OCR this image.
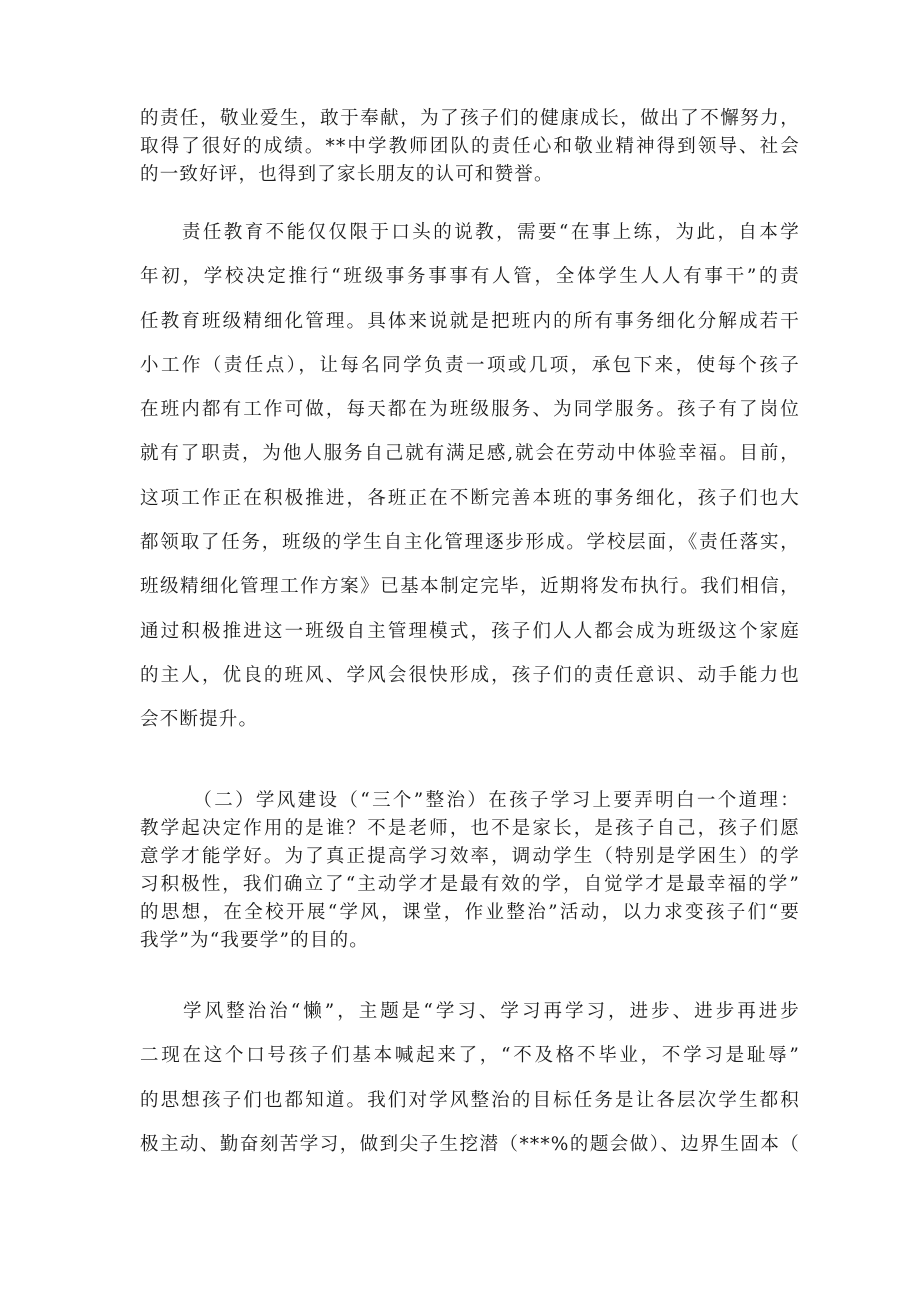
的责任，敬业爱生，敢于奉献，为了孩子们的健康成长，做出了不懈努力，
取得了很好的成绩。**中学教师团队的责任心和敬业精神得到领导、社会
的一致好评，也得到了家长朋友的认可和赞誉。
　　责任教育不能仅仅限于口头的说教，需要“在事上练，为此，自本学
年初，学校决定推行“班级事务事事有人管，全体学生人人有事干”的责
任教育班级精细化管理。具体来说就是把班内的所有事务细化分解成若干
小工作（责任点），让每名同学负责一项或几项，承包下来，使每个孩子
在班内都有工作可做，每天都在为班级服务、为同学服务。孩子有了岗位
就有了职责，为他人服务自己就有满足感,就会在劳动中体验幸福。目前，
这项工作正在积极推进，各班正在不断完善本班的事务细化，孩子们也大
都领取了任务，班级的学生自主化管理逐步形成。学校层面，《责任落实，
班级精细化管理工作方案》已基本制定完毕，近期将发布执行。我们相信，
通过积极推进这一班级自主管理模式，孩子们人人都会成为班级这个家庭
的主人，优良的班风、学风会很快形成，孩子们的责任意识、动手能力也
会不断提升。
　　　（二）学风建设（“三个”整治）在孩子学习上要弄明白一个道理：
教学起决定作用的是谁？不是老师，也不是家长，是孩子自己，孩子们愿
意学才能学好。为了真正提高学习效率，调动学生（特别是学困生）的学
习积极性，我们确立了“主动学才是最有效的学，自觉学才是最幸福的学”
的思想，在全校开展“学风，课堂，作业整治”活动，以力求变孩子们“要
我学”为“我要学”的目的。
　　学风整治治“懒”，主题是“学习、学习再学习，进步、进步再进步
二现在这个口号孩子们基本喊起来了，“不及格不毕业，不学习是耻辱”
的思想孩子们也都知道。我们对学风整治的目标任务是让各层次学生都积
极主动、勤奋刻苦学习，做到尖子生挖潜（***%的题会做）、边界生固本（
